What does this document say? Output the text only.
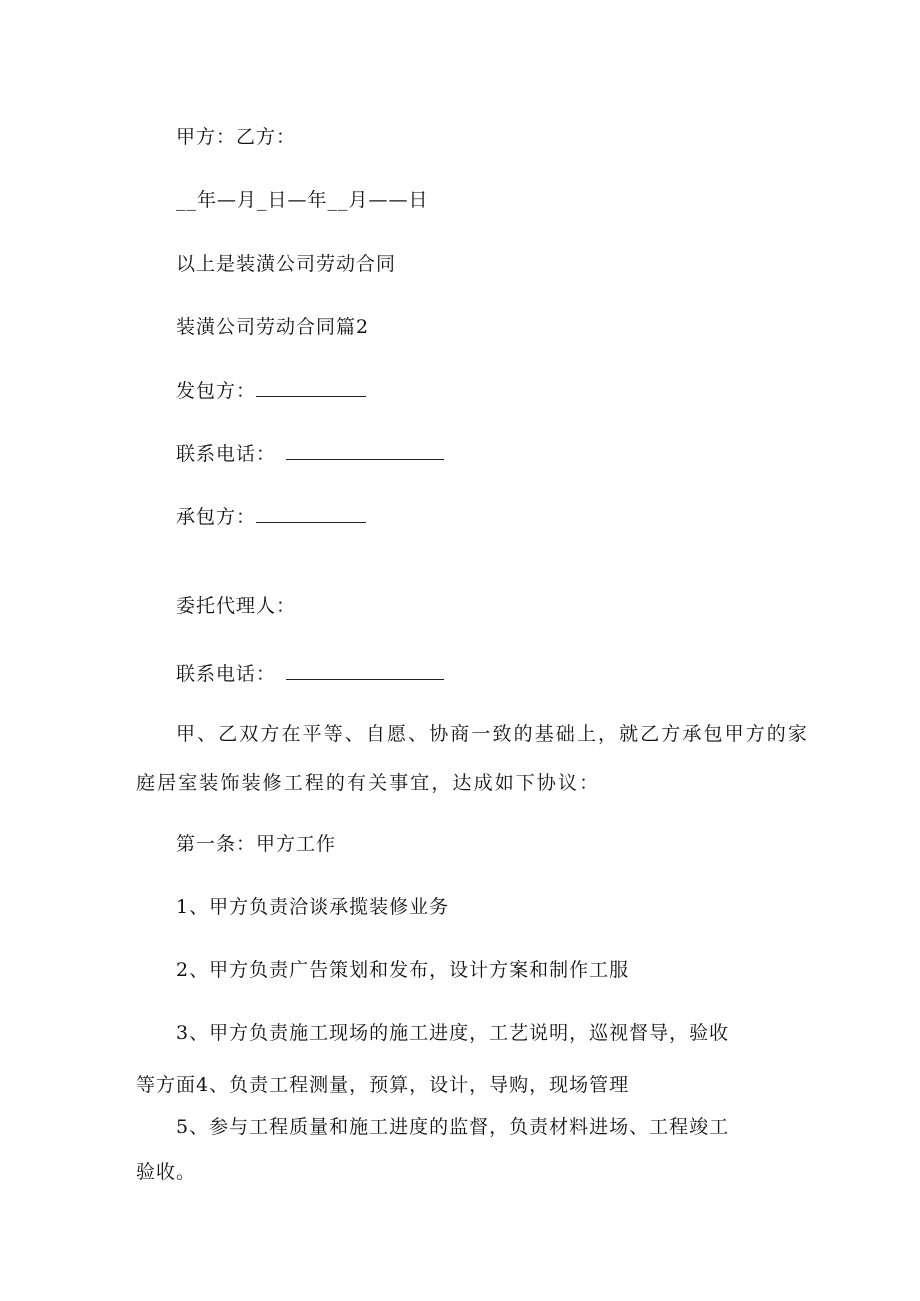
甲方：乙方：
__年—月_日—年__月——日
以上是装潢公司劳动合同
装潢公司劳动合同篇2
发包方：
联系电话：
承包方：
委托代理人：
联系电话：
甲、乙双方在平等、自愿、协商一致的基础上，就乙方承包甲方的家
庭居室装饰装修工程的有关事宜，达成如下协议：
第一条：甲方工作
1、甲方负责洽谈承揽装修业务
2、甲方负责广告策划和发布，设计方案和制作工服
3、甲方负责施工现场的施工进度，工艺说明，巡视督导，验收
等方面4、负责工程测量，预算，设计，导购，现场管理
5、参与工程质量和施工进度的监督，负责材料进场、工程竣工
验收。
